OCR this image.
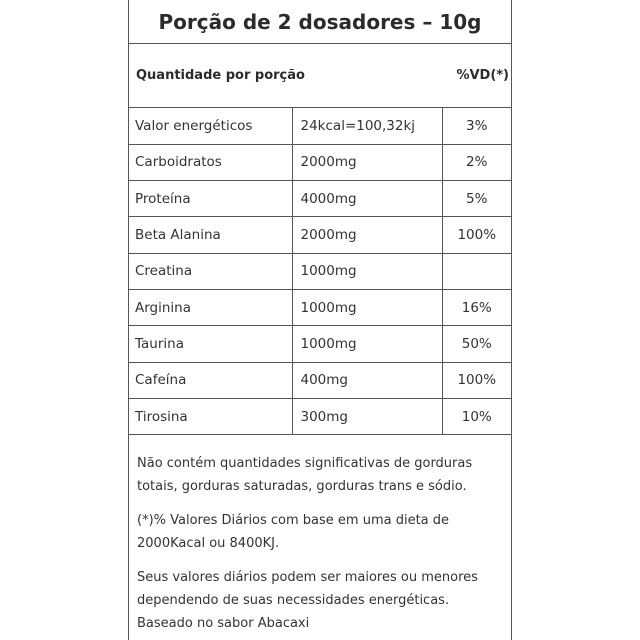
Porção de 2 dosadores – 10g
Quantidade por porção	%VD(*)
Valor energéticos	24kcal=100,32kj	3%
Carboidratos	2000mg	2%
Proteína	4000mg	5%
Beta Alanina	2000mg	100%
Creatina	1000mg	
Arginina	1000mg	16%
Taurina	1000mg	50%
Cafeína	400mg	100%
Tirosina	300mg	10%

Não contém quantidades significativas de gorduras
totais, gorduras saturadas, gorduras trans e sódio.

(*)% Valores Diários com base em uma dieta de
2000Kacal ou 8400KJ.

Seus valores diários podem ser maiores ou menores
dependendo de suas necessidades energéticas.
Baseado no sabor Abacaxi
